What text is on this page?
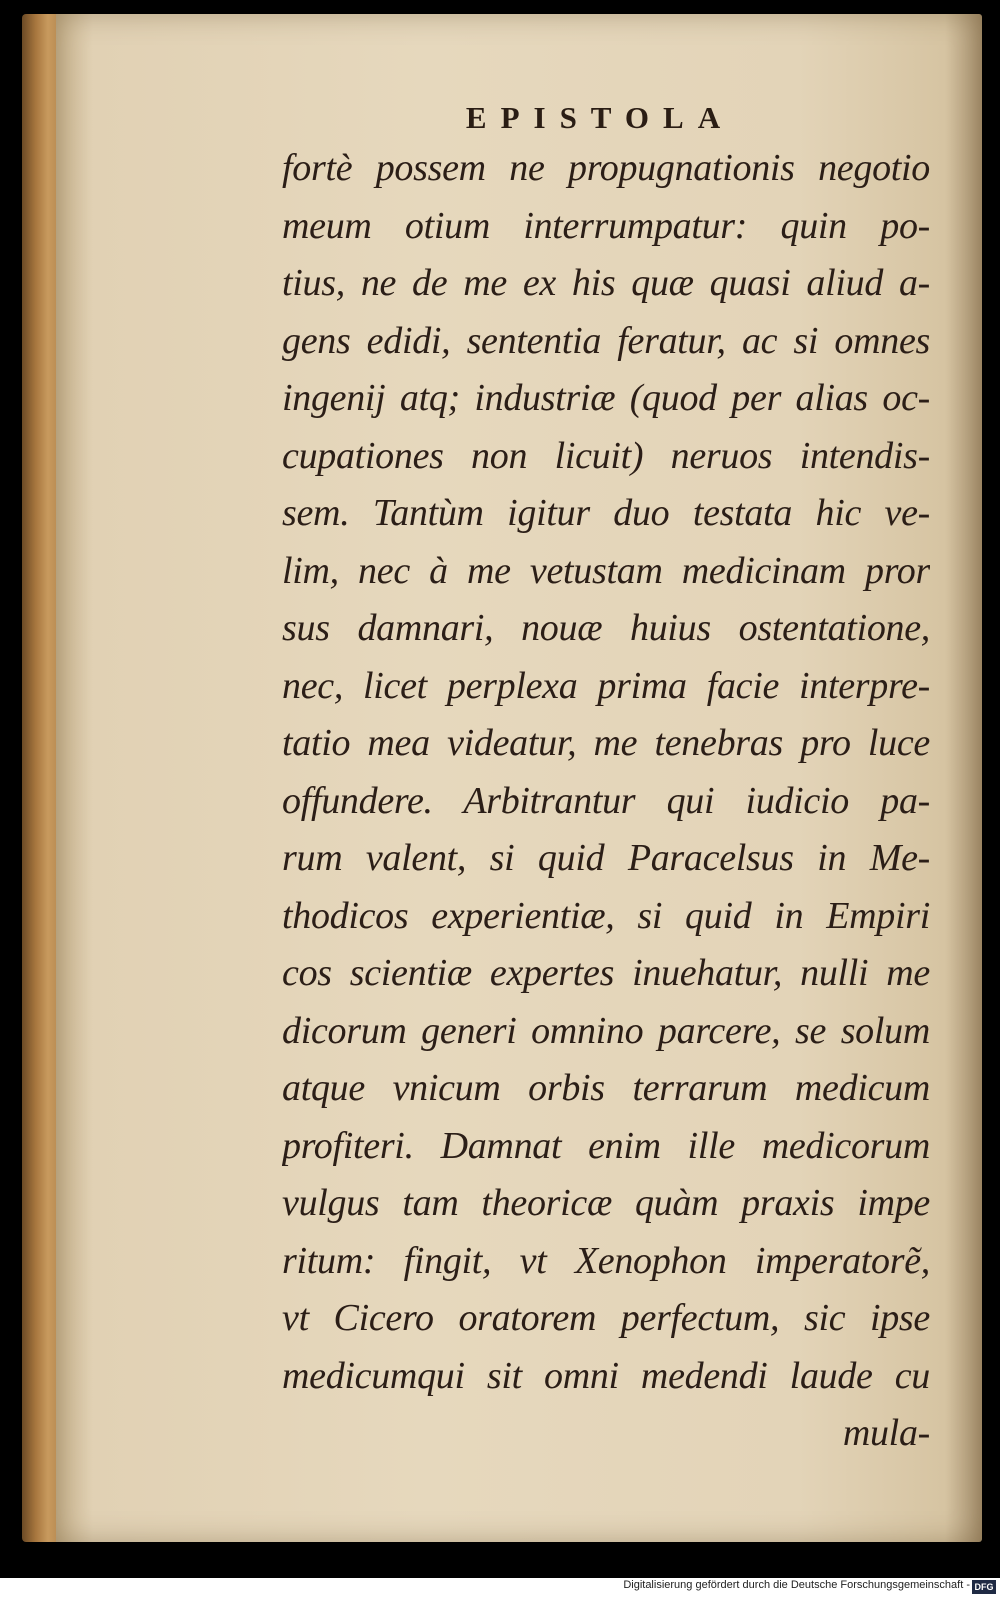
EPISTOLA
fortè possem ne propugnationis negotio
meum otium interrumpatur: quin po-
tius, ne de me ex his quæ quasi aliud a-
gens edidi, sententia feratur, ac si omnes
ingenij atq; industriæ (quod per alias oc-
cupationes non licuit) neruos intendis-
sem. Tantùm igitur duo testata hic ve-
lim, nec à me vetustam medicinam pror
sus damnari, nouæ huius ostentatione,
nec, licet perplexa prima facie interpre-
tatio mea videatur, me tenebras pro luce
offundere. Arbitrantur qui iudicio pa-
rum valent, si quid Paracelsus in Me-
thodicos experientiæ, si quid in Empiri
cos scientiæ expertes inuehatur, nulli me
dicorum generi omnino parcere, se solum
atque vnicum orbis terrarum medicum
profiteri. Damnat enim ille medicorum
vulgus tam theoricæ quàm praxis impe
ritum: fingit, vt Xenophon imperatorẽ,
vt Cicero oratorem perfectum, sic ipse
medicumqui sit omni medendi laude cu
mula-
Digitalisierung gefördert durch die Deutsche Forschungsgemeinschaft - DFG
